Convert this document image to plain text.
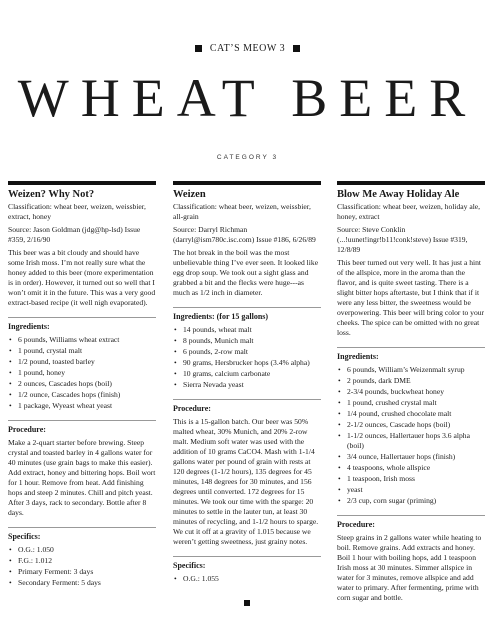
CAT’S MEOW 3
WHEAT BEER
CATEGORY 3
Weizen? Why Not?

Classification: wheat beer, weizen, weissbier, extract, honey

Source: Jason Goldman (jdg@hp-lsd) Issue #359, 2/16/90

This beer was a bit cloudy and should have some Irish moss. I’m not really sure what the honey added to this beer (more experimentation is in order). However, it turned out so well that I won’t omit it in the future. This was a very good extract-based recipe (it well nigh evaporated).

Ingredients:
• 6 pounds, Williams wheat extract
• 1 pound, crystal malt
• 1/2 pound, toasted barley
• 1 pound, honey
• 2 ounces, Cascades hops (boil)
• 1/2 ounce, Cascades hops (finish)
• 1 package, Wyeast wheat yeast
Procedure:

Make a 2-quart starter before brewing. Steep crystal and toasted barley in 4 gallons water for 40 minutes (use grain bags to make this easier). Add extract, honey and bittering hops. Boil wort for 1 hour. Remove from heat. Add finishing hops and steep 2 minutes. Chill and pitch yeast. After 3 days, rack to secondary. Bottle after 8 days.

Specifics:
• O.G.: 1.050
• F.G.: 1.012
• Primary Ferment: 3 days
• Secondary Ferment: 5 days
Weizen

Classification: wheat beer, weizen, weissbier, all-grain

Source: Darryl Richman (darryl@ism780c.isc.com) Issue #186, 6/26/89

The hot break in the boil was the most unbelievable thing I’ve ever seen. It looked like egg drop soup. We took out a sight glass and grabbed a bit and the flecks were huge---as much as 1/2 inch in diameter.

Ingredients: (for 15 gallons)
• 14 pounds, wheat malt
• 8 pounds, Munich malt
• 6 pounds, 2-row malt
• 90 grams, Hersbrucker hops (3.4% alpha)
• 10 grams, calcium carbonate
• Sierra Nevada yeast
Procedure:

This is a 15-gallon batch. Our beer was 50% malted wheat, 30% Munich, and 20% 2-row malt. Medium soft water was used with the addition of 10 grams CaCO4. Mash with 1-1/4 gallons water per pound of grain with rests at 120 degrees (1-1/2 hours), 135 degrees for 45 minutes, 148 degrees for 30 minutes, and 156 degrees until converted. 172 degrees for 15 minutes. We took our time with the sparge: 20 minutes to settle in the lauter tun, at least 30 minutes of recycling, and 1-1/2 hours to sparge. We cut it off at a gravity of 1.015 because we weren’t getting sweetness, just grainy notes.

Specifics:
• O.G.: 1.055
Blow Me Away Holiday Ale

Classification: wheat beer, weizen, holiday ale, honey, extract

Source: Steve Conklin (...!uunet!ingr!b11!conk!steve) Issue #319, 12/8/89

This beer turned out very well. It has just a hint of the allspice, more in the aroma than the flavor, and is quite sweet tasting. There is a slight bitter hops aftertaste, but I think that if it were any less bitter, the sweetness would be overpowering. This beer will bring color to your cheeks. The spice can be omitted with no great loss.

Ingredients:
• 6 pounds, William’s Weizenmalt syrup
• 2 pounds, dark DME
• 2-3/4 pounds, buckwheat honey
• 1 pound, crushed crystal malt
• 1/4 pound, crushed chocolate malt
• 2-1/2 ounces, Cascade hops (boil)
• 1-1/2 ounces, Hallertauer hops 3.6 alpha (boil)
• 3/4 ounce, Hallertauer hops (finish)
• 4 teaspoons, whole allspice
• 1 teaspoon, Irish moss
• yeast
• 2/3 cup, corn sugar (priming)
Procedure:

Steep grains in 2 gallons water while heating to boil. Remove grains. Add extracts and honey. Boil 1 hour with boiling hops, add 1 teaspoon Irish moss at 30 minutes. Simmer allspice in water for 3 minutes, remove allspice and add water to primary. After fermenting, prime with corn sugar and bottle.
